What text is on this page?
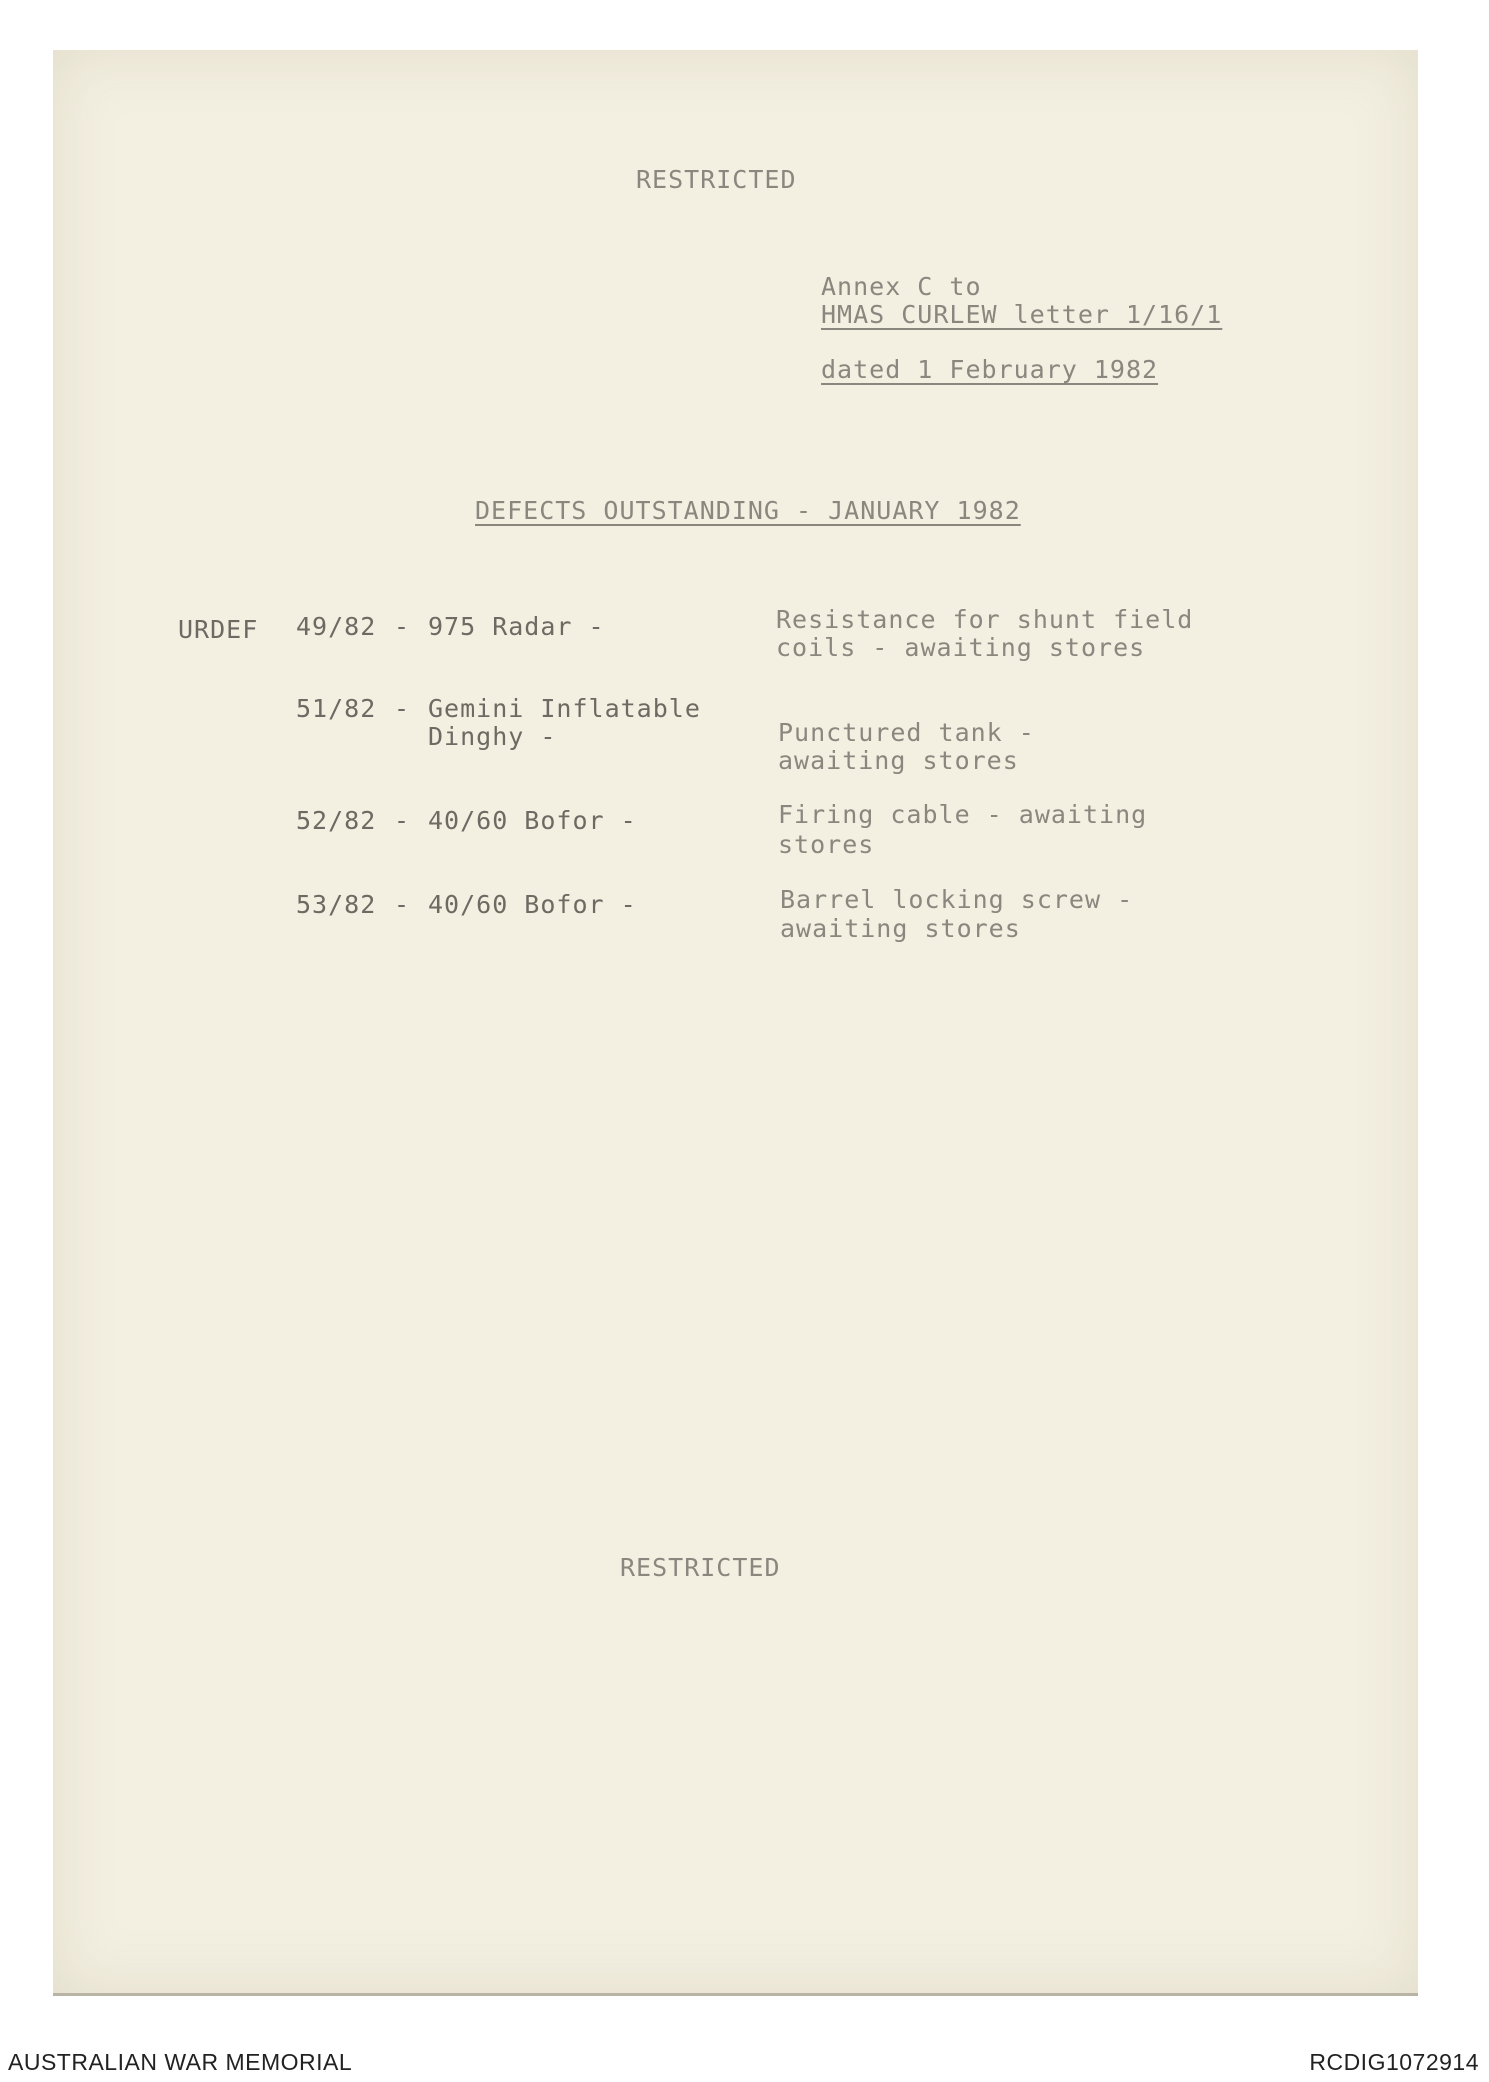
RESTRICTED
Annex C to
HMAS CURLEW letter 1/16/1
dated 1 February 1982
DEFECTS OUTSTANDING - JANUARY 1982
URDEF 49/82 - 975 Radar -	Resistance for shunt field
coils - awaiting stores
51/82 - Gemini Inflatable
Dinghy -	Punctured tank -
awaiting stores
52/82 - 40/60 Bofor -	Firing cable - awaiting
stores
53/82 - 40/60 Bofor -	Barrel locking screw -
awaiting stores
RESTRICTED
AUSTRALIAN WAR MEMORIAL	RCDIG1072914
